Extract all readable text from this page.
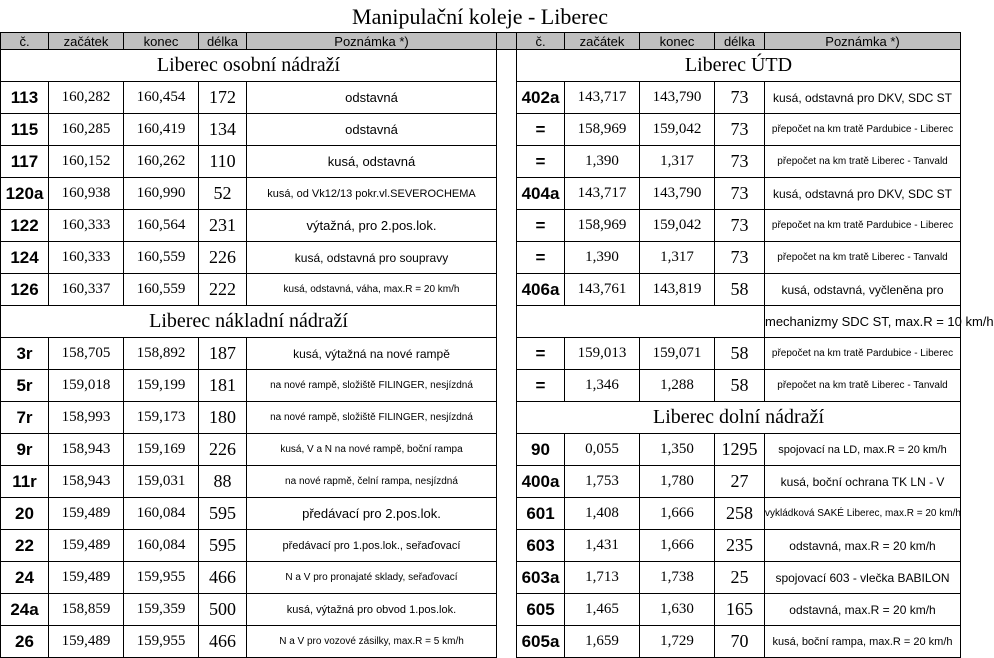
Manipulační koleje - Liberec
č.	začátek	konec	délka	Poznámka *)		č.	začátek	konec	délka	Poznámka *)
Liberec osobní nádraží						Liberec ÚTD				
113	160,282	160,454	172	odstavná		402a	143,717	143,790	73	kusá, odstavná pro DKV, SDC ST
115	160,285	160,419	134	odstavná		=	158,969	159,042	73	přepočet na km tratě Pardubice - Liberec
117	160,152	160,262	110	kusá, odstavná		=	1,390	1,317	73	přepočet na km tratě Liberec - Tanvald
120a	160,938	160,990	52	kusá, od Vk12/13 pokr.vl.SEVEROCHEMA		404a	143,717	143,790	73	kusá, odstavná pro DKV, SDC ST
122	160,333	160,564	231	výtažná, pro 2.pos.lok.		=	158,969	159,042	73	přepočet na km tratě Pardubice - Liberec
124	160,333	160,559	226	kusá, odstavná pro soupravy		=	1,390	1,317	73	přepočet na km tratě Liberec - Tanvald
126	160,337	160,559	222	kusá, odstavná, váha, max.R = 20 km/h		406a	143,761	143,819	58	kusá, odstavná, vyčleněna pro
Liberec nákladní nádraží										mechanizmy SDC ST, max.R = 10 km/h
3r	158,705	158,892	187	kusá, výtažná na nové rampě		=	159,013	159,071	58	přepočet na km tratě Pardubice - Liberec
5r	159,018	159,199	181	na nové rampě, složiště FILINGER, nesjízdná		=	1,346	1,288	58	přepočet na km tratě Liberec - Tanvald
7r	158,993	159,173	180	na nové rampě, složiště FILINGER, nesjízdná		Liberec dolní nádraží				
9r	158,943	159,169	226	kusá, V a N na nové rampě, boční rampa		90	0,055	1,350	1295	spojovací na LD, max.R = 20 km/h
11r	158,943	159,031	88	na nové rapmě, čelní rampa, nesjízdná		400a	1,753	1,780	27	kusá, boční ochrana TK LN - V
20	159,489	160,084	595	předávací pro 2.pos.lok.		601	1,408	1,666	258	vykládková SAKÉ Liberec, max.R = 20 km/h
22	159,489	160,084	595	předávací pro 1.pos.lok., seřaďovací		603	1,431	1,666	235	odstavná, max.R = 20 km/h
24	159,489	159,955	466	N a V pro pronajaté sklady, seřaďovací		603a	1,713	1,738	25	spojovací 603 - vlečka BABILON
24a	158,859	159,359	500	kusá, výtažná pro obvod 1.pos.lok.		605	1,465	1,630	165	odstavná, max.R = 20 km/h
26	159,489	159,955	466	N a V pro vozové zásilky, max.R = 5 km/h		605a	1,659	1,729	70	kusá, boční rampa, max.R = 20 km/h
